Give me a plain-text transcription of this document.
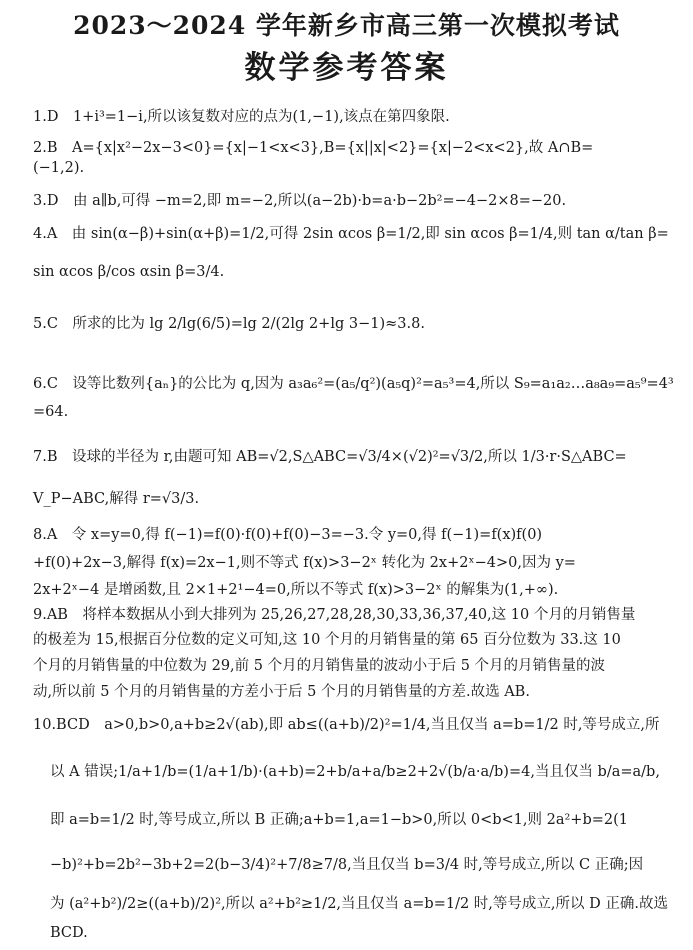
2023～2024 学年新乡市高三第一次模拟考试
数学参考答案
1.D　1+i³=1−i,所以该复数对应的点为(1,−1),该点在第四象限.
2.B　A={x|x²−2x−3<0}={x|−1<x<3},B={x||x|<2}={x|−2<x<2},故 A∩B=
(−1,2).
3.D　由 a∥b,可得 −m=2,即 m=−2,所以(a−2b)·b=a·b−2b²=−4−2×8=−20.
4.A　由 sin(α−β)+sin(α+β)=1/2,可得 2sin αcos β=1/2,即 sin αcos β=1/4,则 tan α/tan β=
sin αcos β/cos αsin β=3/4.
5.C　所求的比为 lg 2/lg(6/5)=lg 2/(2lg 2+lg 3−1)≈3.8.
6.C　设等比数列{aₙ}的公比为 q,因为 a₃a₆²=(a₅/q²)(a₅q)²=a₅³=4,所以 S₉=a₁a₂…a₈a₉=a₅⁹=4³
=64.
7.B　设球的半径为 r,由题可知 AB=√2,S△ABC=√3/4×(√2)²=√3/2,所以 1/3·r·S△ABC=
V_P−ABC,解得 r=√3/3.
8.A　令 x=y=0,得 f(−1)=f(0)·f(0)+f(0)−3=−3.令 y=0,得 f(−1)=f(x)f(0)
+f(0)+2x−3,解得 f(x)=2x−1,则不等式 f(x)>3−2ˣ 转化为 2x+2ˣ−4>0,因为 y=
2x+2ˣ−4 是增函数,且 2×1+2¹−4=0,所以不等式 f(x)>3−2ˣ 的解集为(1,+∞).
9.AB　将样本数据从小到大排列为 25,26,27,28,28,30,33,36,37,40,这 10 个月的月销售量
的极差为 15,根据百分位数的定义可知,这 10 个月的月销售量的第 65 百分位数为 33.这 10
个月的月销售量的中位数为 29,前 5 个月的月销售量的波动小于后 5 个月的月销售量的波
动,所以前 5 个月的月销售量的方差小于后 5 个月的月销售量的方差.故选 AB.
10.BCD　a>0,b>0,a+b≥2√(ab),即 ab≤((a+b)/2)²=1/4,当且仅当 a=b=1/2 时,等号成立,所
以 A 错误;1/a+1/b=(1/a+1/b)·(a+b)=2+b/a+a/b≥2+2√(b/a·a/b)=4,当且仅当 b/a=a/b,
即 a=b=1/2 时,等号成立,所以 B 正确;a+b=1,a=1−b>0,所以 0<b<1,则 2a²+b=2(1
−b)²+b=2b²−3b+2=2(b−3/4)²+7/8≥7/8,当且仅当 b=3/4 时,等号成立,所以 C 正确;因
为 (a²+b²)/2≥((a+b)/2)²,所以 a²+b²≥1/2,当且仅当 a=b=1/2 时,等号成立,所以 D 正确.故选
BCD.
